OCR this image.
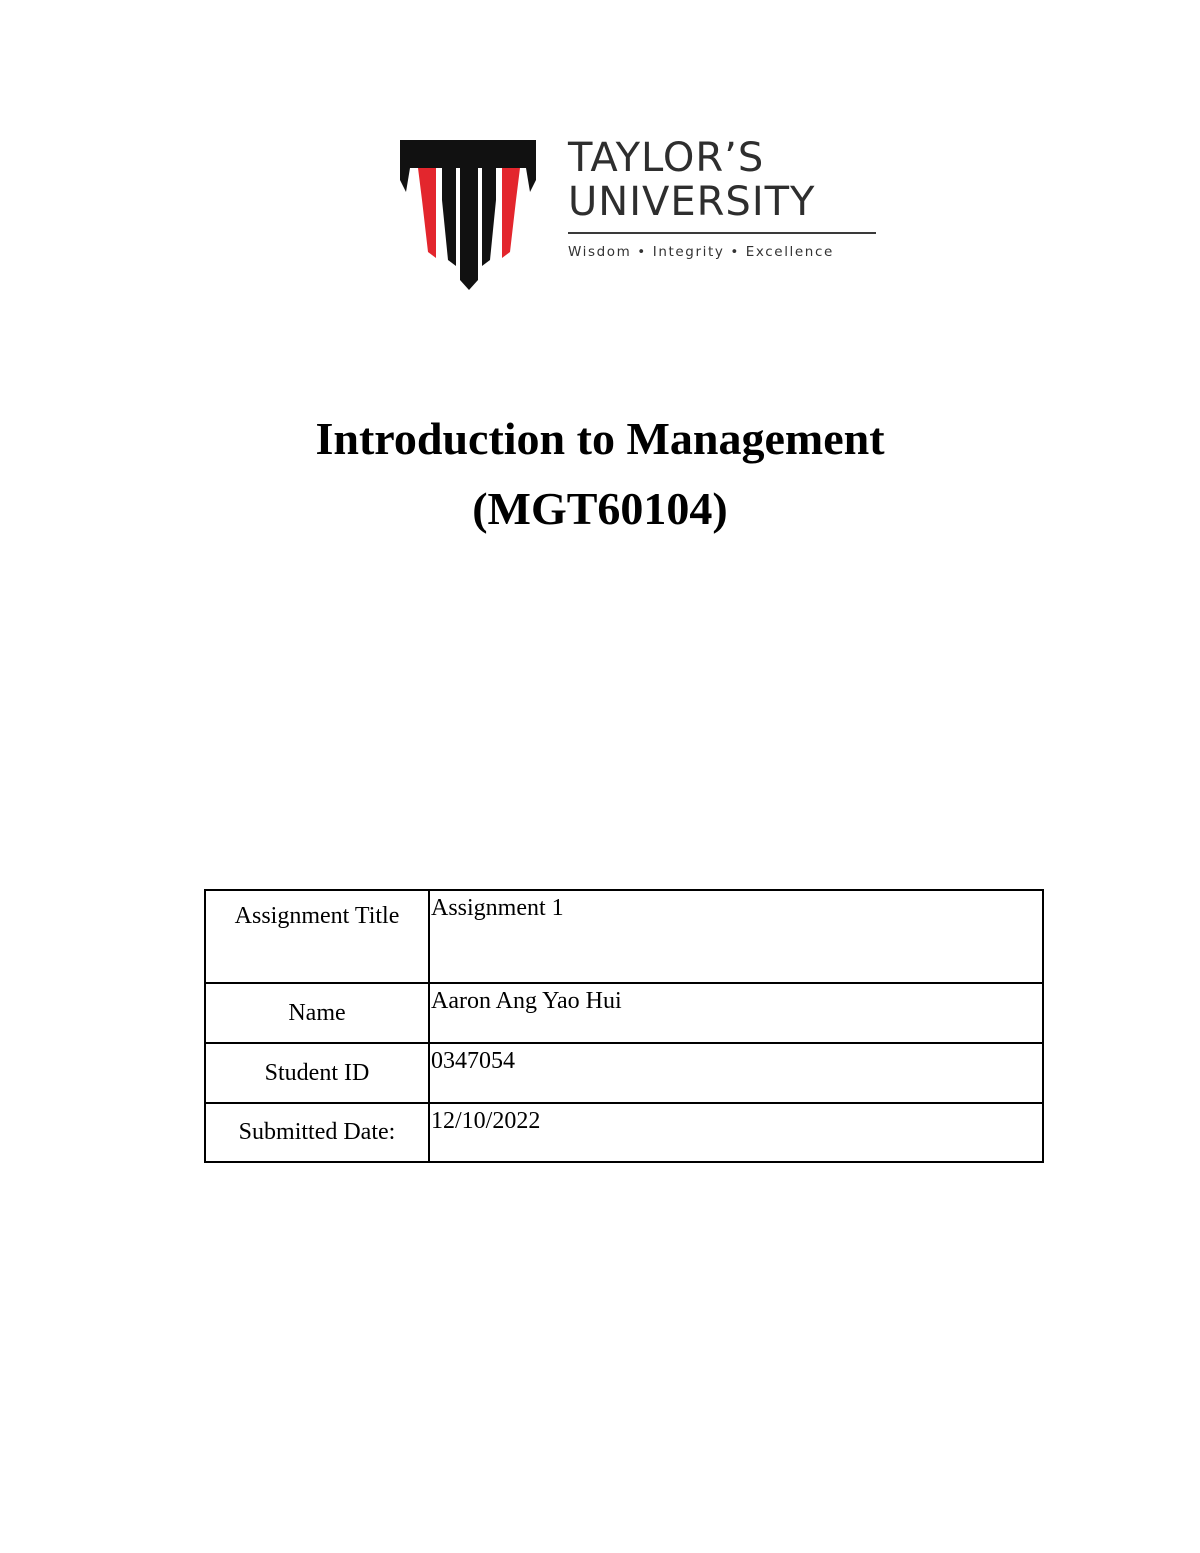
TAYLOR’S
UNIVERSITY
Wisdom • Integrity • Excellence
Introduction to Management
(MGT60104)
Assignment Title	Assignment 1
Name	Aaron Ang Yao Hui
Student ID	0347054
Submitted Date:	12/10/2022
